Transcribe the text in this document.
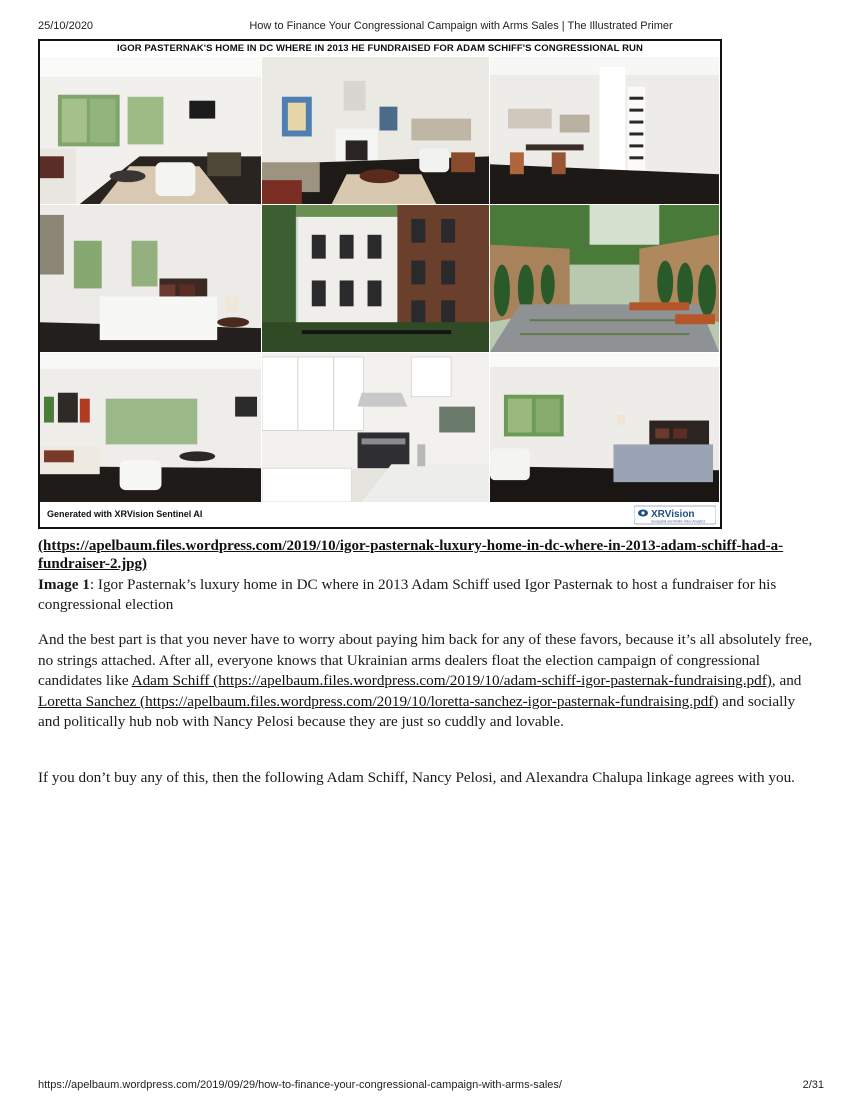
25/10/2020	How to Finance Your Congressional Campaign with Arms Sales | The Illustrated Primer
IGOR PASTERNAK'S HOME IN DC WHERE IN 2013 HE FUNDRAISED FOR ADAM SCHIFF'S CONGRESSIONAL RUN
Generated with XRVision Sentinel AI	XRVision
Geospatial and Mobile Video Analytics
(https://apelbaum.files.wordpress.com/2019/10/igor-pasternak-luxury-home-in-dc-where-in-2013-adam-schiff-had-a-fundraiser-2.jpg)
Image 1: Igor Pasternak’s luxury home in DC where in 2013 Adam Schiff used Igor Pasternak to host a fundraiser for his congressional election

And the best part is that you never have to worry about paying him back for any of these favors, because it’s all absolutely free, no strings attached. After all, everyone knows that Ukrainian arms dealers float the election campaign of congressional candidates like Adam Schiff (https://apelbaum.files.wordpress.com/2019/10/adam-schiff-igor-pasternak-fundraising.pdf), and Loretta Sanchez (https://apelbaum.files.wordpress.com/2019/10/loretta-sanchez-igor-pasternak-fundraising.pdf) and socially and politically hub nob with Nancy Pelosi because they are just so cuddly and lovable.

If you don’t buy any of this, then the following Adam Schiff, Nancy Pelosi, and Alexandra Chalupa linkage agrees with you.

https://apelbaum.wordpress.com/2019/09/29/how-to-finance-your-congressional-campaign-with-arms-sales/	2/31
